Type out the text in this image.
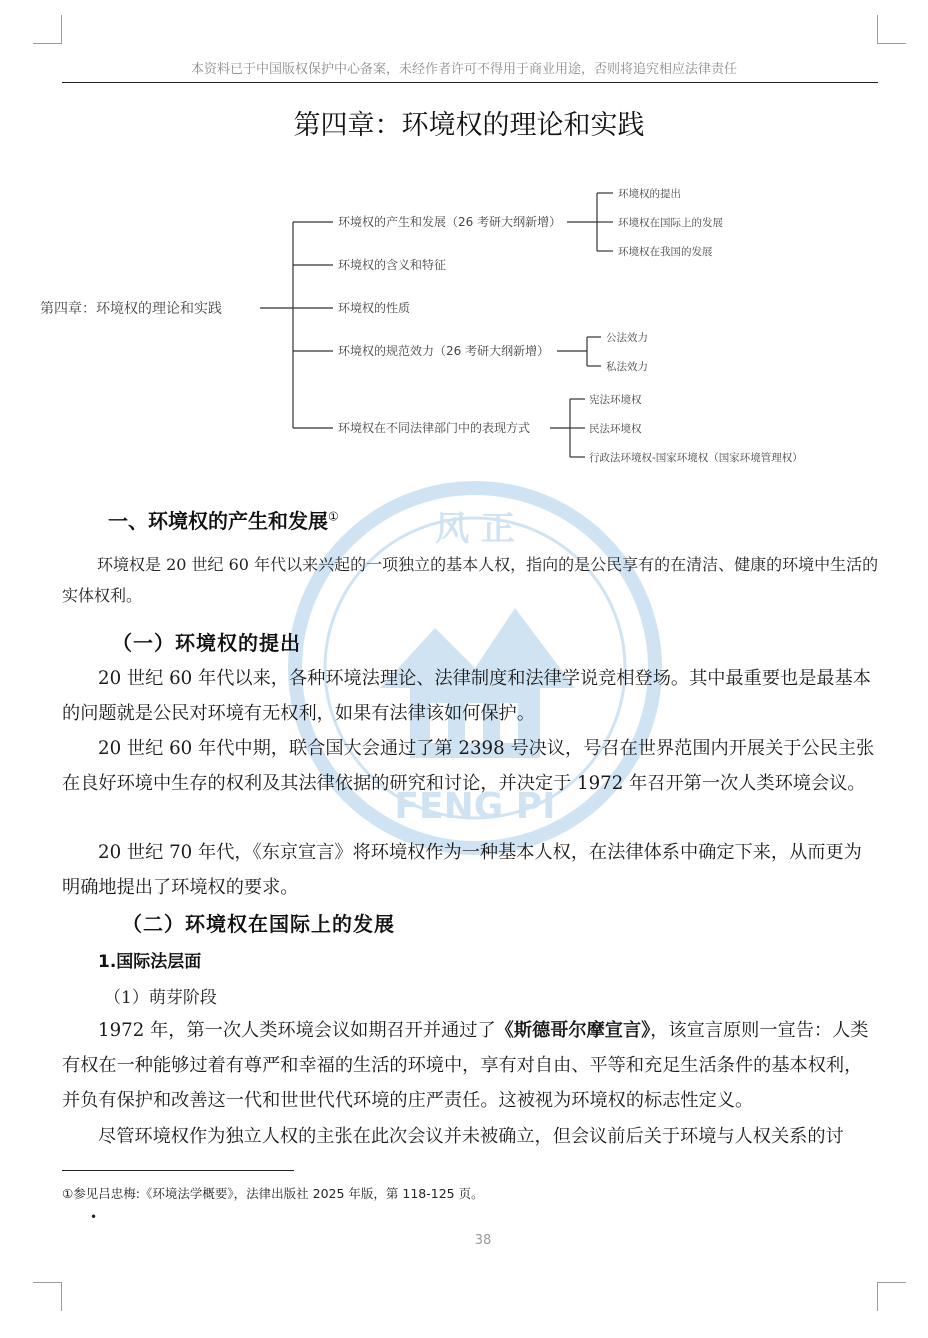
本资料已于中国版权保护中心备案，未经作者许可不得用于商业用途，否则将追究相应法律责任
第四章：环境权的理论和实践
第四章：环境权的理论和实践
环境权的产生和发展（26 考研大纲新增）
环境权的含义和特征
环境权的性质
环境权的规范效力（26 考研大纲新增）
环境权在不同法律部门中的表现方式
环境权的提出
环境权在国际上的发展
环境权在我国的发展
公法效力
私法效力
宪法环境权
民法环境权
行政法环境权-国家环境权（国家环境管理权）
风 正
FENG PI
一、环境权的产生和发展①
环境权是 20 世纪 60 年代以来兴起的一项独立的基本人权，指向的是公民享有的在清洁、健康的环境中生活的实体权利。
（一）环境权的提出
20 世纪 60 年代以来，各种环境法理论、法律制度和法律学说竞相登场。其中最重要也是最基本的问题就是公民对环境有无权利，如果有法律该如何保护。
20 世纪 60 年代中期，联合国大会通过了第 2398 号决议，号召在世界范围内开展关于公民主张在良好环境中生存的权利及其法律依据的研究和讨论，并决定于 1972 年召开第一次人类环境会议。
20 世纪 70 年代，《东京宣言》将环境权作为一种基本人权，在法律体系中确定下来，从而更为明确地提出了环境权的要求。
（二）环境权在国际上的发展
1.国际法层面
（1）萌芽阶段
1972 年，第一次人类环境会议如期召开并通过了《斯德哥尔摩宣言》，该宣言原则一宣告：人类有权在一种能够过着有尊严和幸福的生活的环境中，享有对自由、平等和充足生活条件的基本权利，并负有保护和改善这一代和世世代代环境的庄严责任。这被视为环境权的标志性定义。
尽管环境权作为独立人权的主张在此次会议并未被确立，但会议前后关于环境与人权关系的讨
①参见吕忠梅:《环境法学概要》，法律出版社 2025 年版，第 118-125 页。
•
38
